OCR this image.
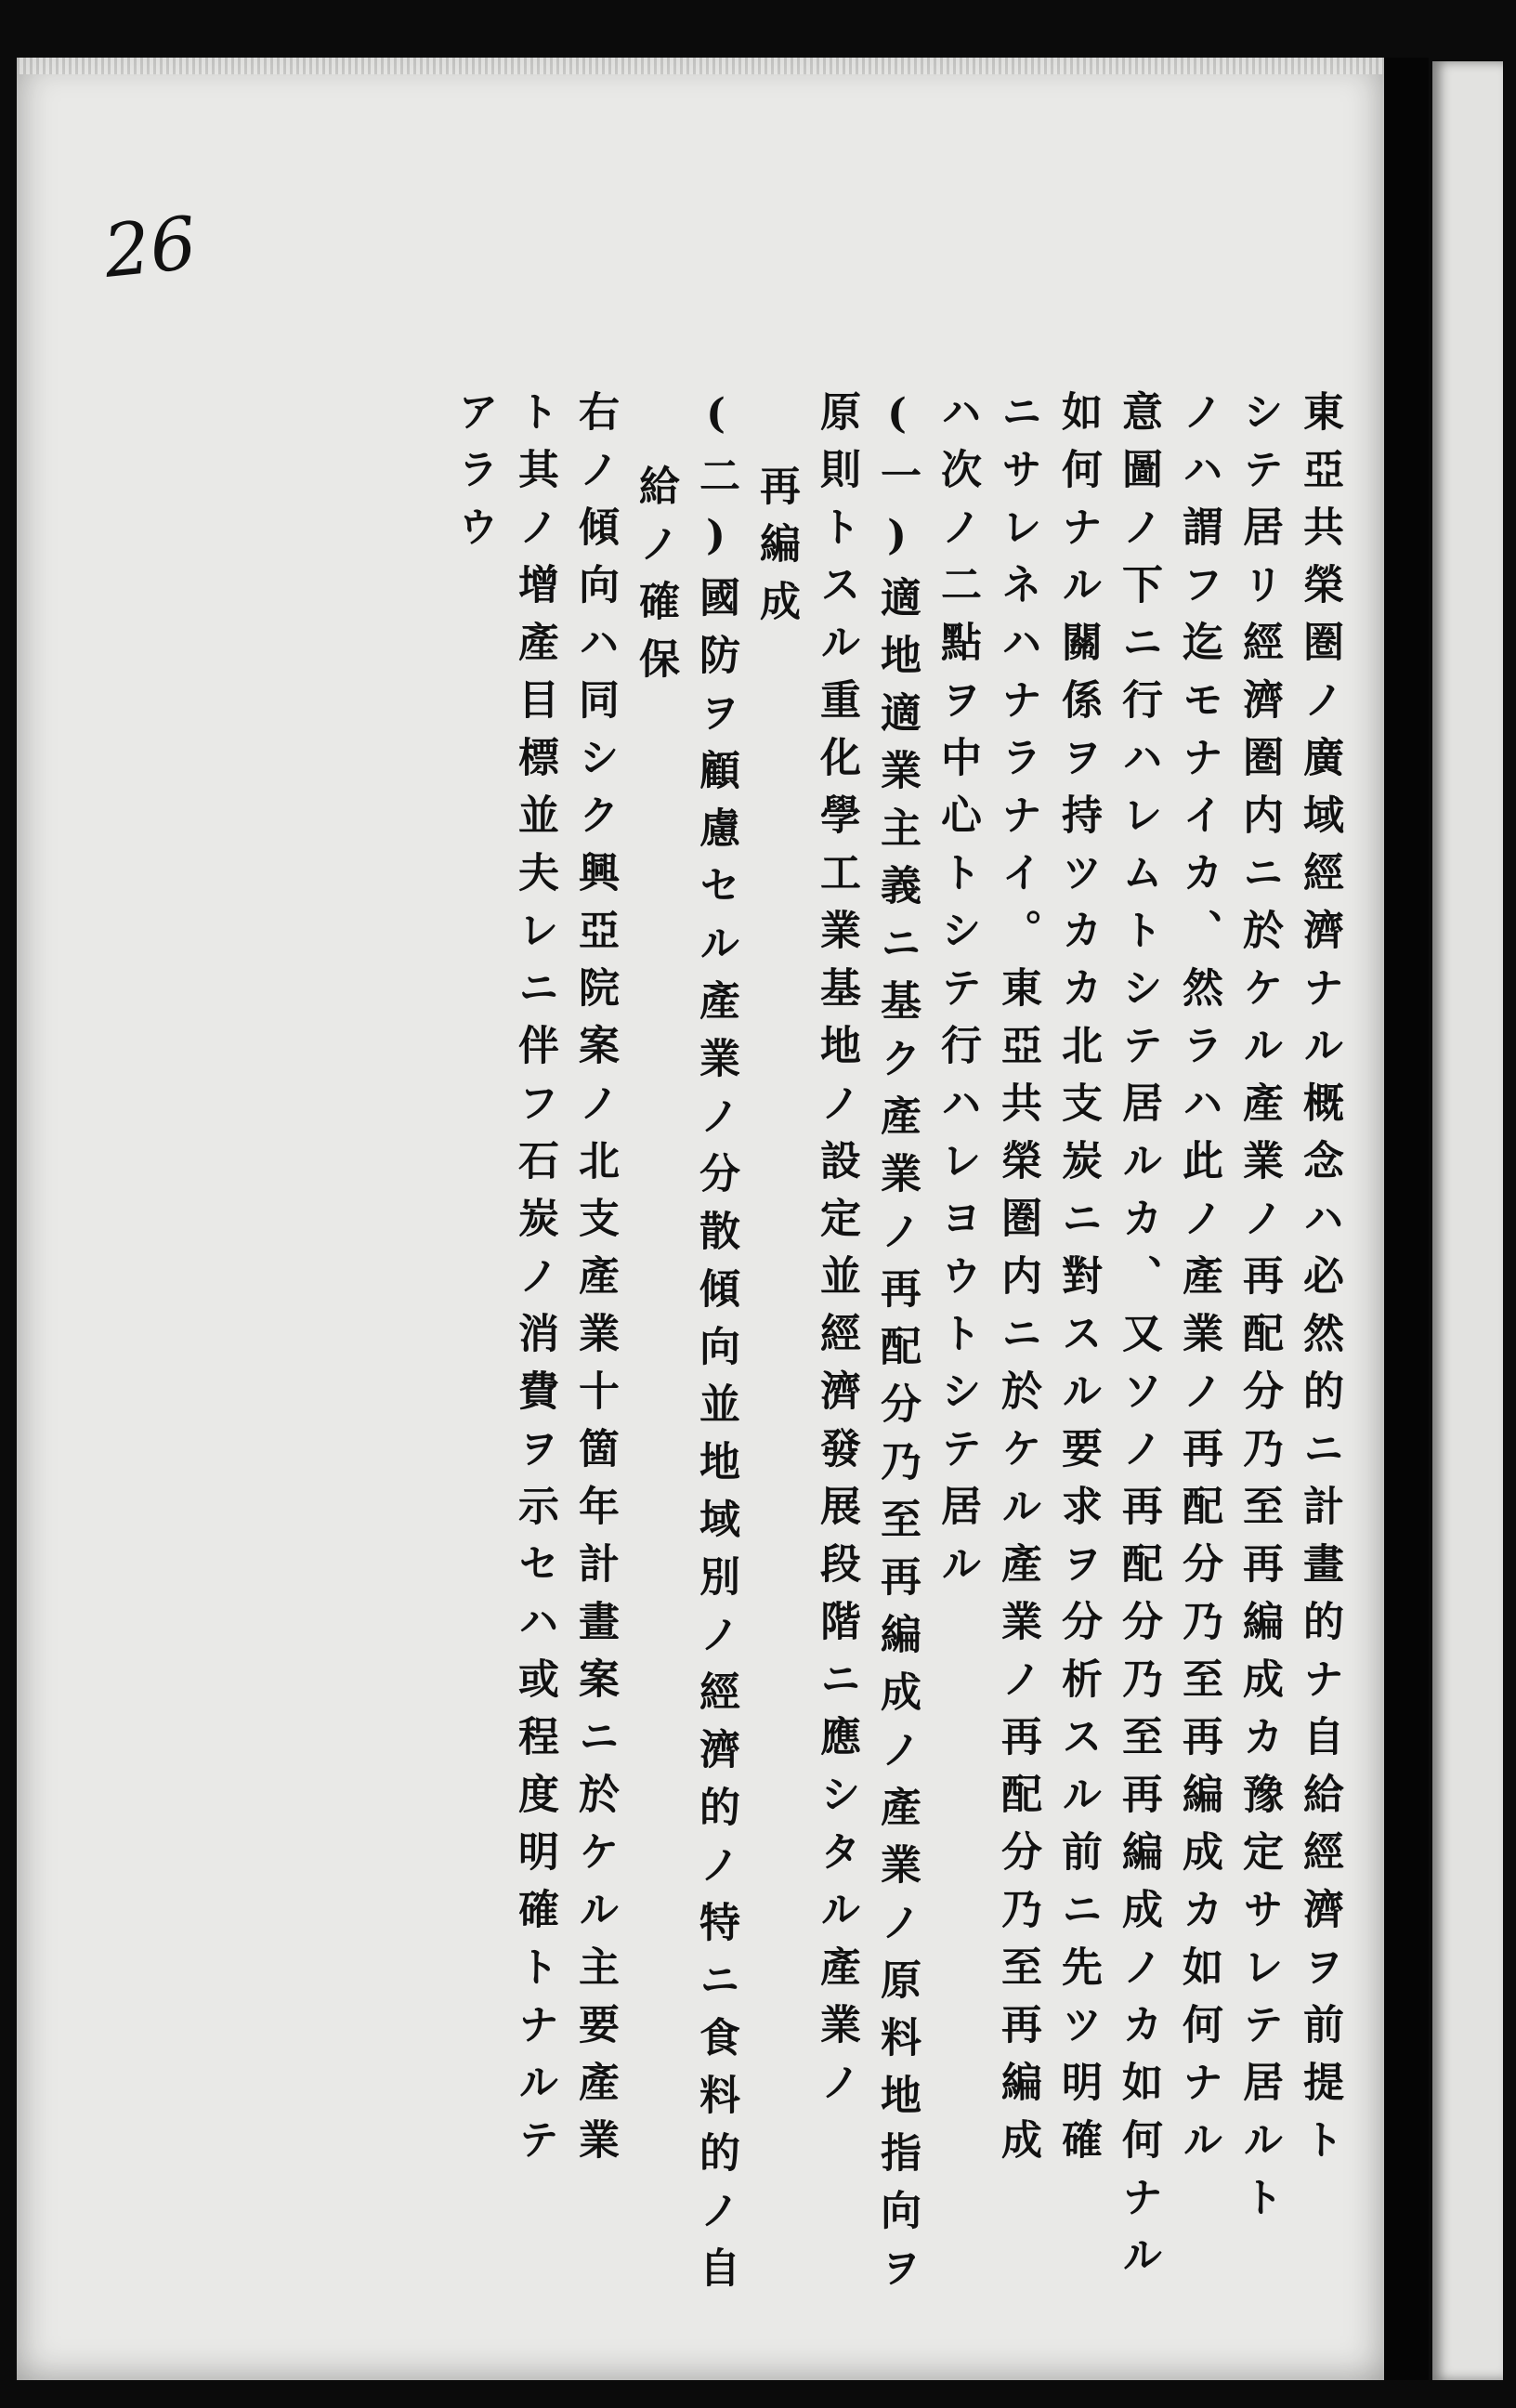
26

東亞共榮圏ノ廣域經濟ナル概念ハ必然的ニ計畫的ナ自給經濟ヲ前提ト

シテ居リ經濟圏内ニ於ケル產業ノ再配分乃至再編成カ豫定サレテ居ルト

ノハ謂フ迄モナイカ、然ラハ此ノ產業ノ再配分乃至再編成カ如何ナル

意圖ノ下ニ行ハレムトシテ居ルカ、又ソノ再配分乃至再編成ノカ如何ナル

如何ナル關係ヲ持ツカカ北支炭ニ對スル要求ヲ分析スル前ニ先ツ明確

ニサレネハナラナイ。東亞共榮圏内ニ於ケル產業ノ再配分乃至再編成

ハ次ノ二點ヲ中心トシテ行ハレヨウトシテ居ル

(一)適地適業主義ニ基ク產業ノ再配分乃至再編成ノ產業ノ原料地指向ヲ

原則トスル重化學工業基地ノ設定並經濟發展段階ニ應シタル產業ノ

再編成

(二)國防ヲ顧慮セル產業ノ分散傾向並地域別ノ經濟的ノ特ニ食料的ノ自

給ノ確保

右ノ傾向ハ同シク興亞院案ノ北支產業十箇年計畫案ニ於ケル主要產業

ト其ノ增產目標並夫レニ伴フ石炭ノ消費ヲ示セハ或程度明確トナルテ

アラウ
